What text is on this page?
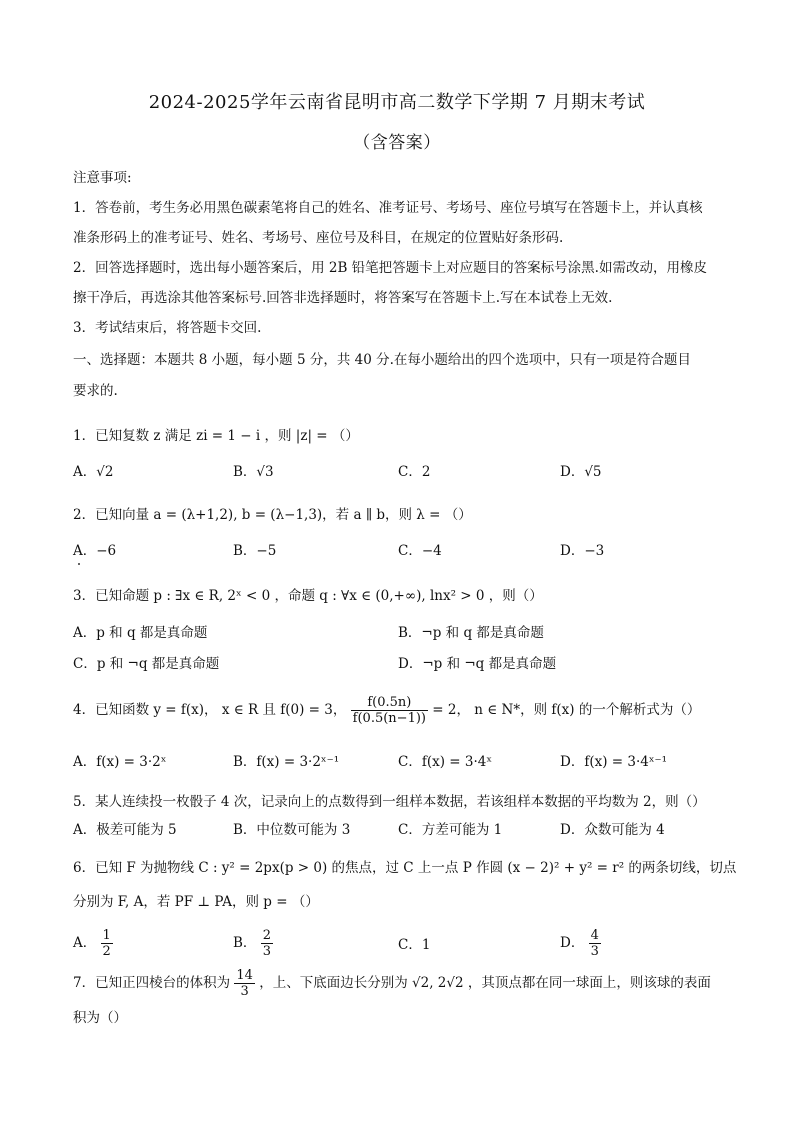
2024-2025学年云南省昆明市高二数学下学期 7 月期末考试
（含答案）
注意事项:
1．答卷前，考生务必用黑色碳素笔将自己的姓名、准考证号、考场号、座位号填写在答题卡上，并认真核
准条形码上的准考证号、姓名、考场号、座位号及科目，在规定的位置贴好条形码.
2．回答选择题时，选出每小题答案后，用 2B 铅笔把答题卡上对应题目的答案标号涂黑.如需改动，用橡皮
擦干净后，再选涂其他答案标号.回答非选择题时，将答案写在答题卡上.写在本试卷上无效.
3．考试结束后，将答题卡交回.
一、选择题：本题共 8 小题，每小题 5 分，共 40 分.在每小题给出的四个选项中，只有一项是符合题目
要求的.
1．已知复数 z 满足 zi = 1 − i ，则 |z| = （）
A．√2	B．√3	C．2	D．√5
2．已知向量 a = (λ+1,2), b = (λ−1,3)，若 a ∥ b，则 λ = （）
A．−6	B．−5	C．−4	D．−3
3．已知命题 p : ∃x ∈ R, 2ˣ < 0 ，命题 q : ∀x ∈ (0,+∞), lnx² > 0 ，则（）
A．p 和 q 都是真命题	B．¬p 和 q 都是真命题
C．p 和 ¬q 都是真命题	D．¬p 和 ¬q 都是真命题
4．已知函数 y = f(x)， x ∈ R 且 f(0) = 3， $\frac{f(0.5n)}{f(0.5(n-1))} = 2$， n ∈ N*，则 f(x) 的一个解析式为（）
A．f(x) = 3·2ˣ	B．f(x) = 3·2ˣ⁻¹	C．f(x) = 3·4ˣ	D．f(x) = 3·4ˣ⁻¹
5．某人连续投一枚骰子 4 次，记录向上的点数得到一组样本数据，若该组样本数据的平均数为 2，则（）
A．极差可能为 5	B．中位数可能为 3	C．方差可能为 1	D．众数可能为 4
6．已知 F 为抛物线 C : y² = 2px(p > 0) 的焦点，过 C 上一点 P 作圆 (x − 2)² + y² = r² 的两条切线，切点
分别为 F, A，若 PF ⊥ PA，则 p = （）
A． $\frac{1}{2}$	B． $\frac{2}{3}$	C．1	D． $\frac{4}{3}$
7．已知正四棱台的体积为 $\frac{14}{3}$ ，上、下底面边长分别为 √2, 2√2 ，其顶点都在同一球面上，则该球的表面
积为（）
